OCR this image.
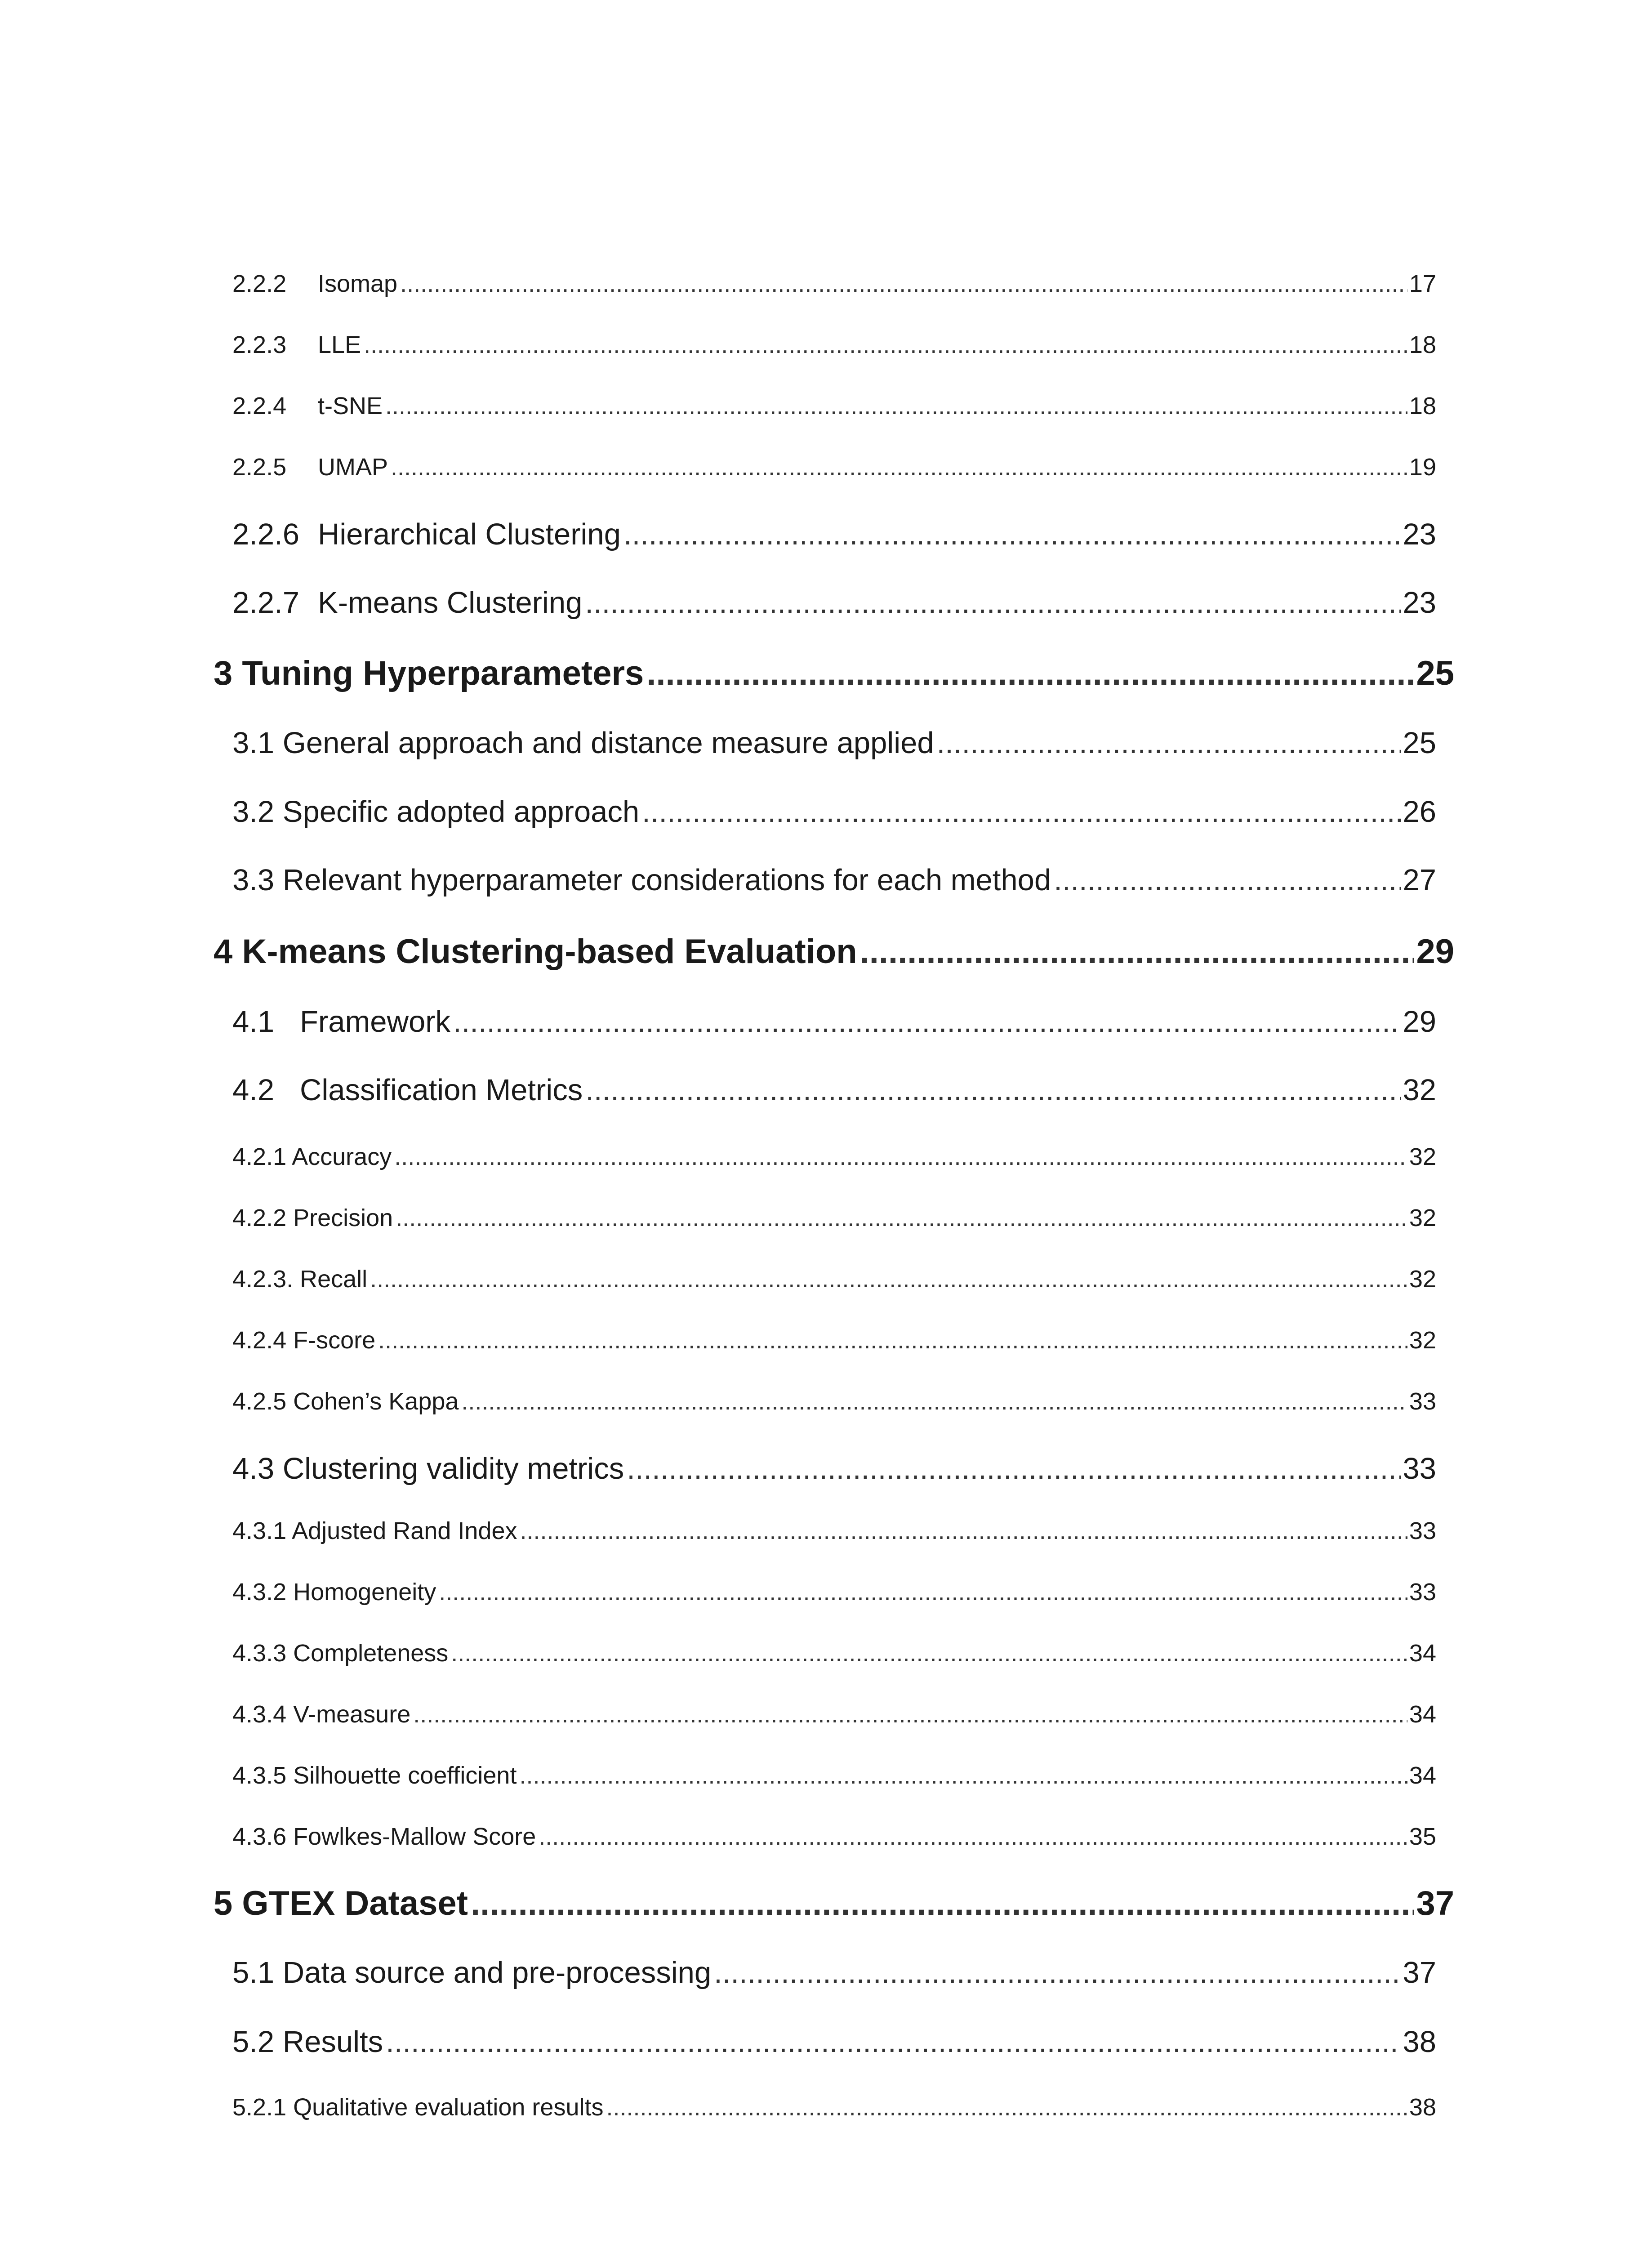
2.2.2 Isomap .....	17
2.2.3 LLE .....	18
2.2.4 t-SNE .....	18
2.2.5 UMAP .....	19
2.2.6 Hierarchical Clustering .....	23
2.2.7 K-means Clustering .....	23
3 Tuning Hyperparameters .....	25
3.1 General approach and distance measure applied .....	25
3.2 Specific adopted approach .....	26
3.3 Relevant hyperparameter considerations for each method .....	27
4 K-means Clustering-based Evaluation .....	29
4.1 Framework .....	29
4.2 Classification Metrics .....	32
4.2.1 Accuracy .....	32
4.2.2 Precision .....	32
4.2.3. Recall .....	32
4.2.4 F-score .....	32
4.2.5 Cohen’s Kappa .....	33
4.3 Clustering validity metrics .....	33
4.3.1 Adjusted Rand Index .....	33
4.3.2 Homogeneity .....	33
4.3.3 Completeness .....	34
4.3.4 V-measure .....	34
4.3.5 Silhouette coefficient .....	34
4.3.6 Fowlkes-Mallow Score .....	35
5 GTEX Dataset .....	37
5.1 Data source and pre-processing .....	37
5.2 Results .....	38
5.2.1 Qualitative evaluation results .....	38
